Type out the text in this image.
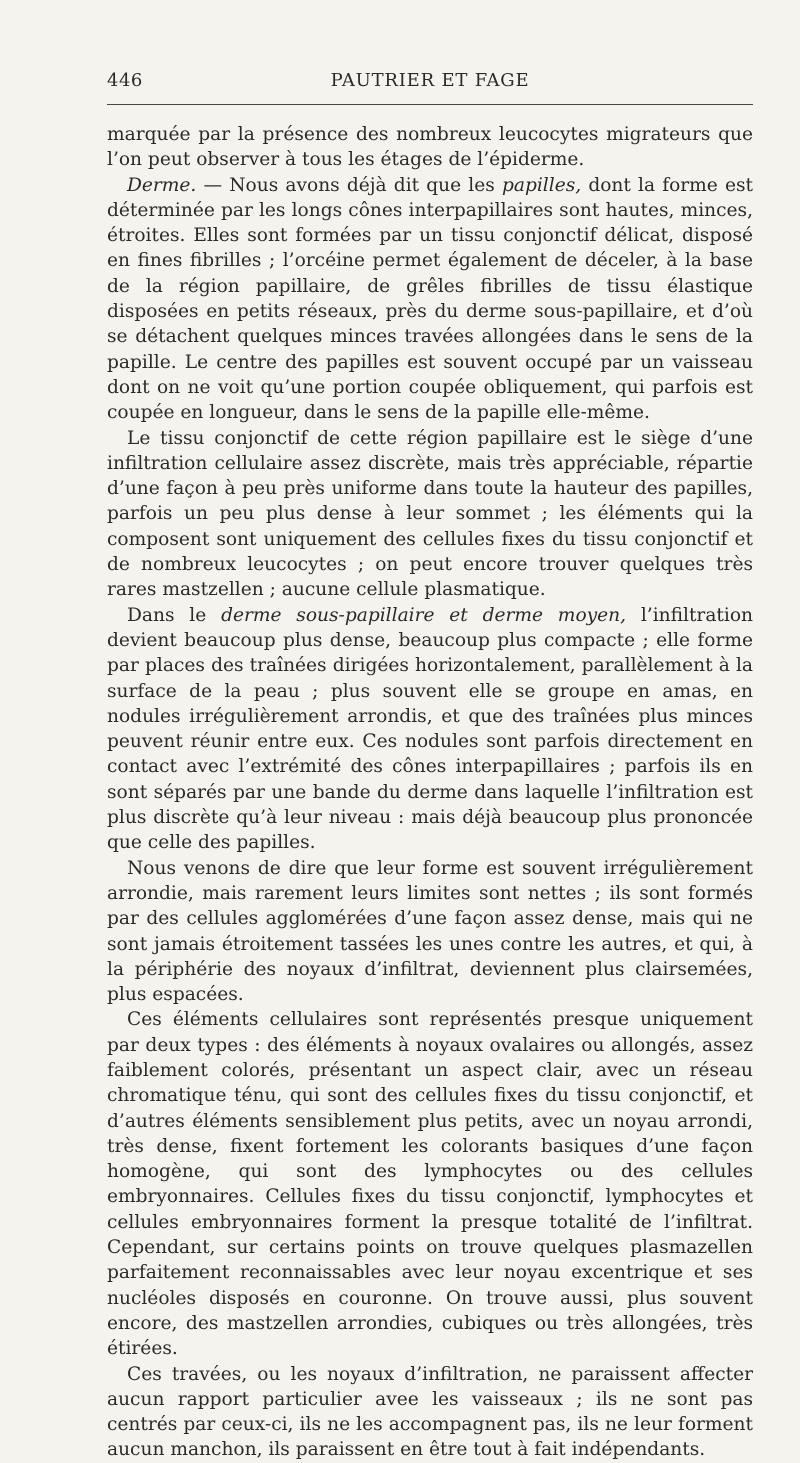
446	PAUTRIER ET FAGE

marquée par la présence des nombreux leucocytes migrateurs que l’on peut observer à tous les étages de l’épiderme.

Derme. — Nous avons déjà dit que les papilles, dont la forme est déterminée par les longs cônes interpapillaires sont hautes, minces, étroites. Elles sont formées par un tissu conjonctif délicat, disposé en fines fibrilles ; l’orcéine permet également de déceler, à la base de la région papillaire, de grêles fibrilles de tissu élastique disposées en petits réseaux, près du derme sous-papillaire, et d’où se détachent quelques minces travées allongées dans le sens de la papille. Le centre des papilles est souvent occupé par un vaisseau dont on ne voit qu’une portion coupée obliquement, qui parfois est coupée en longueur, dans le sens de la papille elle-même.

Le tissu conjonctif de cette région papillaire est le siège d’une infiltration cellulaire assez discrète, mais très appréciable, répartie d’une façon à peu près uniforme dans toute la hauteur des papilles, parfois un peu plus dense à leur sommet ; les éléments qui la composent sont uniquement des cellules fixes du tissu conjonctif et de nombreux leucocytes ; on peut encore trouver quelques très rares mastzellen ; aucune cellule plasmatique.

Dans le derme sous-papillaire et derme moyen, l’infiltration devient beaucoup plus dense, beaucoup plus compacte ; elle forme par places des traînées dirigées horizontalement, parallèlement à la surface de la peau ; plus souvent elle se groupe en amas, en nodules irrégulièrement arrondis, et que des traînées plus minces peuvent réunir entre eux. Ces nodules sont parfois directement en contact avec l’extrémité des cônes interpapillaires ; parfois ils en sont séparés par une bande du derme dans laquelle l’infiltration est plus discrète qu’à leur niveau : mais déjà beaucoup plus prononcée que celle des papilles.

Nous venons de dire que leur forme est souvent irrégulièrement arrondie, mais rarement leurs limites sont nettes ; ils sont formés par des cellules agglomérées d’une façon assez dense, mais qui ne sont jamais étroitement tassées les unes contre les autres, et qui, à la périphérie des noyaux d’infiltrat, deviennent plus clairsemées, plus espacées.

Ces éléments cellulaires sont représentés presque uniquement par deux types : des éléments à noyaux ovalaires ou allongés, assez faiblement colorés, présentant un aspect clair, avec un réseau chromatique ténu, qui sont des cellules fixes du tissu conjonctif, et d’autres éléments sensiblement plus petits, avec un noyau arrondi, très dense, fixent fortement les colorants basiques d’une façon homogène, qui sont des lymphocytes ou des cellules embryonnaires. Cellules fixes du tissu conjonctif, lymphocytes et cellules embryonnaires forment la presque totalité de l’infiltrat. Cependant, sur certains points on trouve quelques plasmazellen parfaitement reconnaissables avec leur noyau excentrique et ses nucléoles disposés en couronne. On trouve aussi, plus souvent encore, des mastzellen arrondies, cubiques ou très allongées, très étirées.

Ces travées, ou les noyaux d’infiltration, ne paraissent affecter aucun rapport particulier avee les vaisseaux ; ils ne sont pas centrés par ceux-ci, ils ne les accompagnent pas, ils ne leur forment aucun manchon, ils paraissent en être tout à fait indépendants.
